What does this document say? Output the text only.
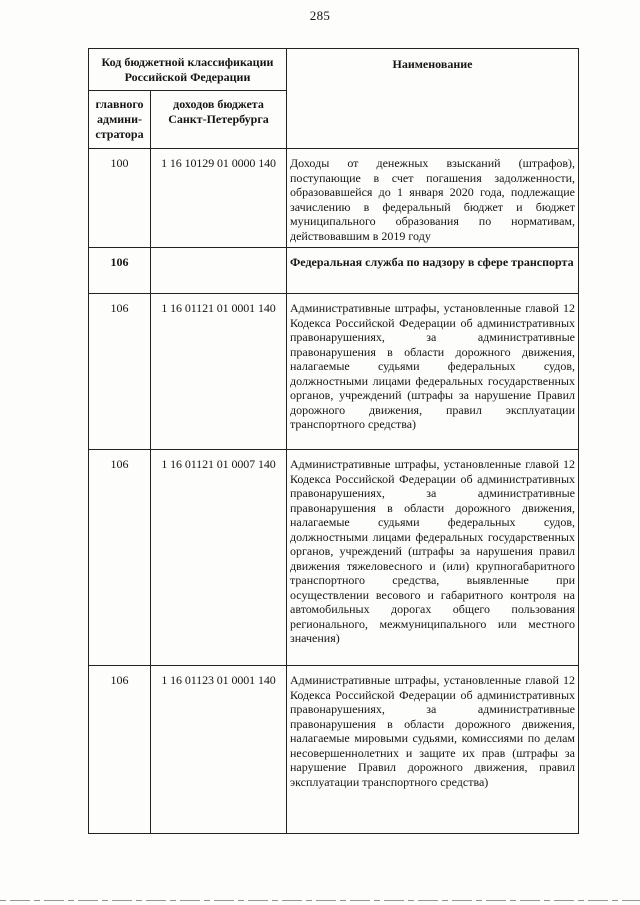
285
Код бюджетной классификации Российской Федерации		Наименование
главного админи-стратора	доходов бюджета Санкт-Петербурга	
100	1 16 10129 01 0000 140	Доходы от денежных взысканий (штрафов), поступающие в счет погашения задолженности, образовавшейся до 1 января 2020 года, подлежащие зачислению в федеральный бюджет и бюджет муниципального образования по нормативам, действовавшим в 2019 году
106		Федеральная служба по надзору в сфере транспорта
106	1 16 01121 01 0001 140	Административные штрафы, установленные главой 12 Кодекса Российской Федерации об административных правонарушениях, за административные правонарушения в области дорожного движения, налагаемые судьями федеральных судов, должностными лицами федеральных государственных органов, учреждений (штрафы за нарушение Правил дорожного движения, правил эксплуатации транспортного средства)
106	1 16 01121 01 0007 140	Административные штрафы, установленные главой 12 Кодекса Российской Федерации об административных правонарушениях, за административные правонарушения в области дорожного движения, налагаемые судьями федеральных судов, должностными лицами федеральных государственных органов, учреждений (штрафы за нарушения правил движения тяжеловесного и (или) крупногабаритного транспортного средства, выявленные при осуществлении весового и габаритного контроля на автомобильных дорогах общего пользования регионального, межмуниципального или местного значения)
106	1 16 01123 01 0001 140	Административные штрафы, установленные главой 12 Кодекса Российской Федерации об административных правонарушениях, за административные правонарушения в области дорожного движения, налагаемые мировыми судьями, комиссиями по делам несовершеннолетних и защите их прав (штрафы за нарушение Правил дорожного движения, правил эксплуатации транспортного средства)
